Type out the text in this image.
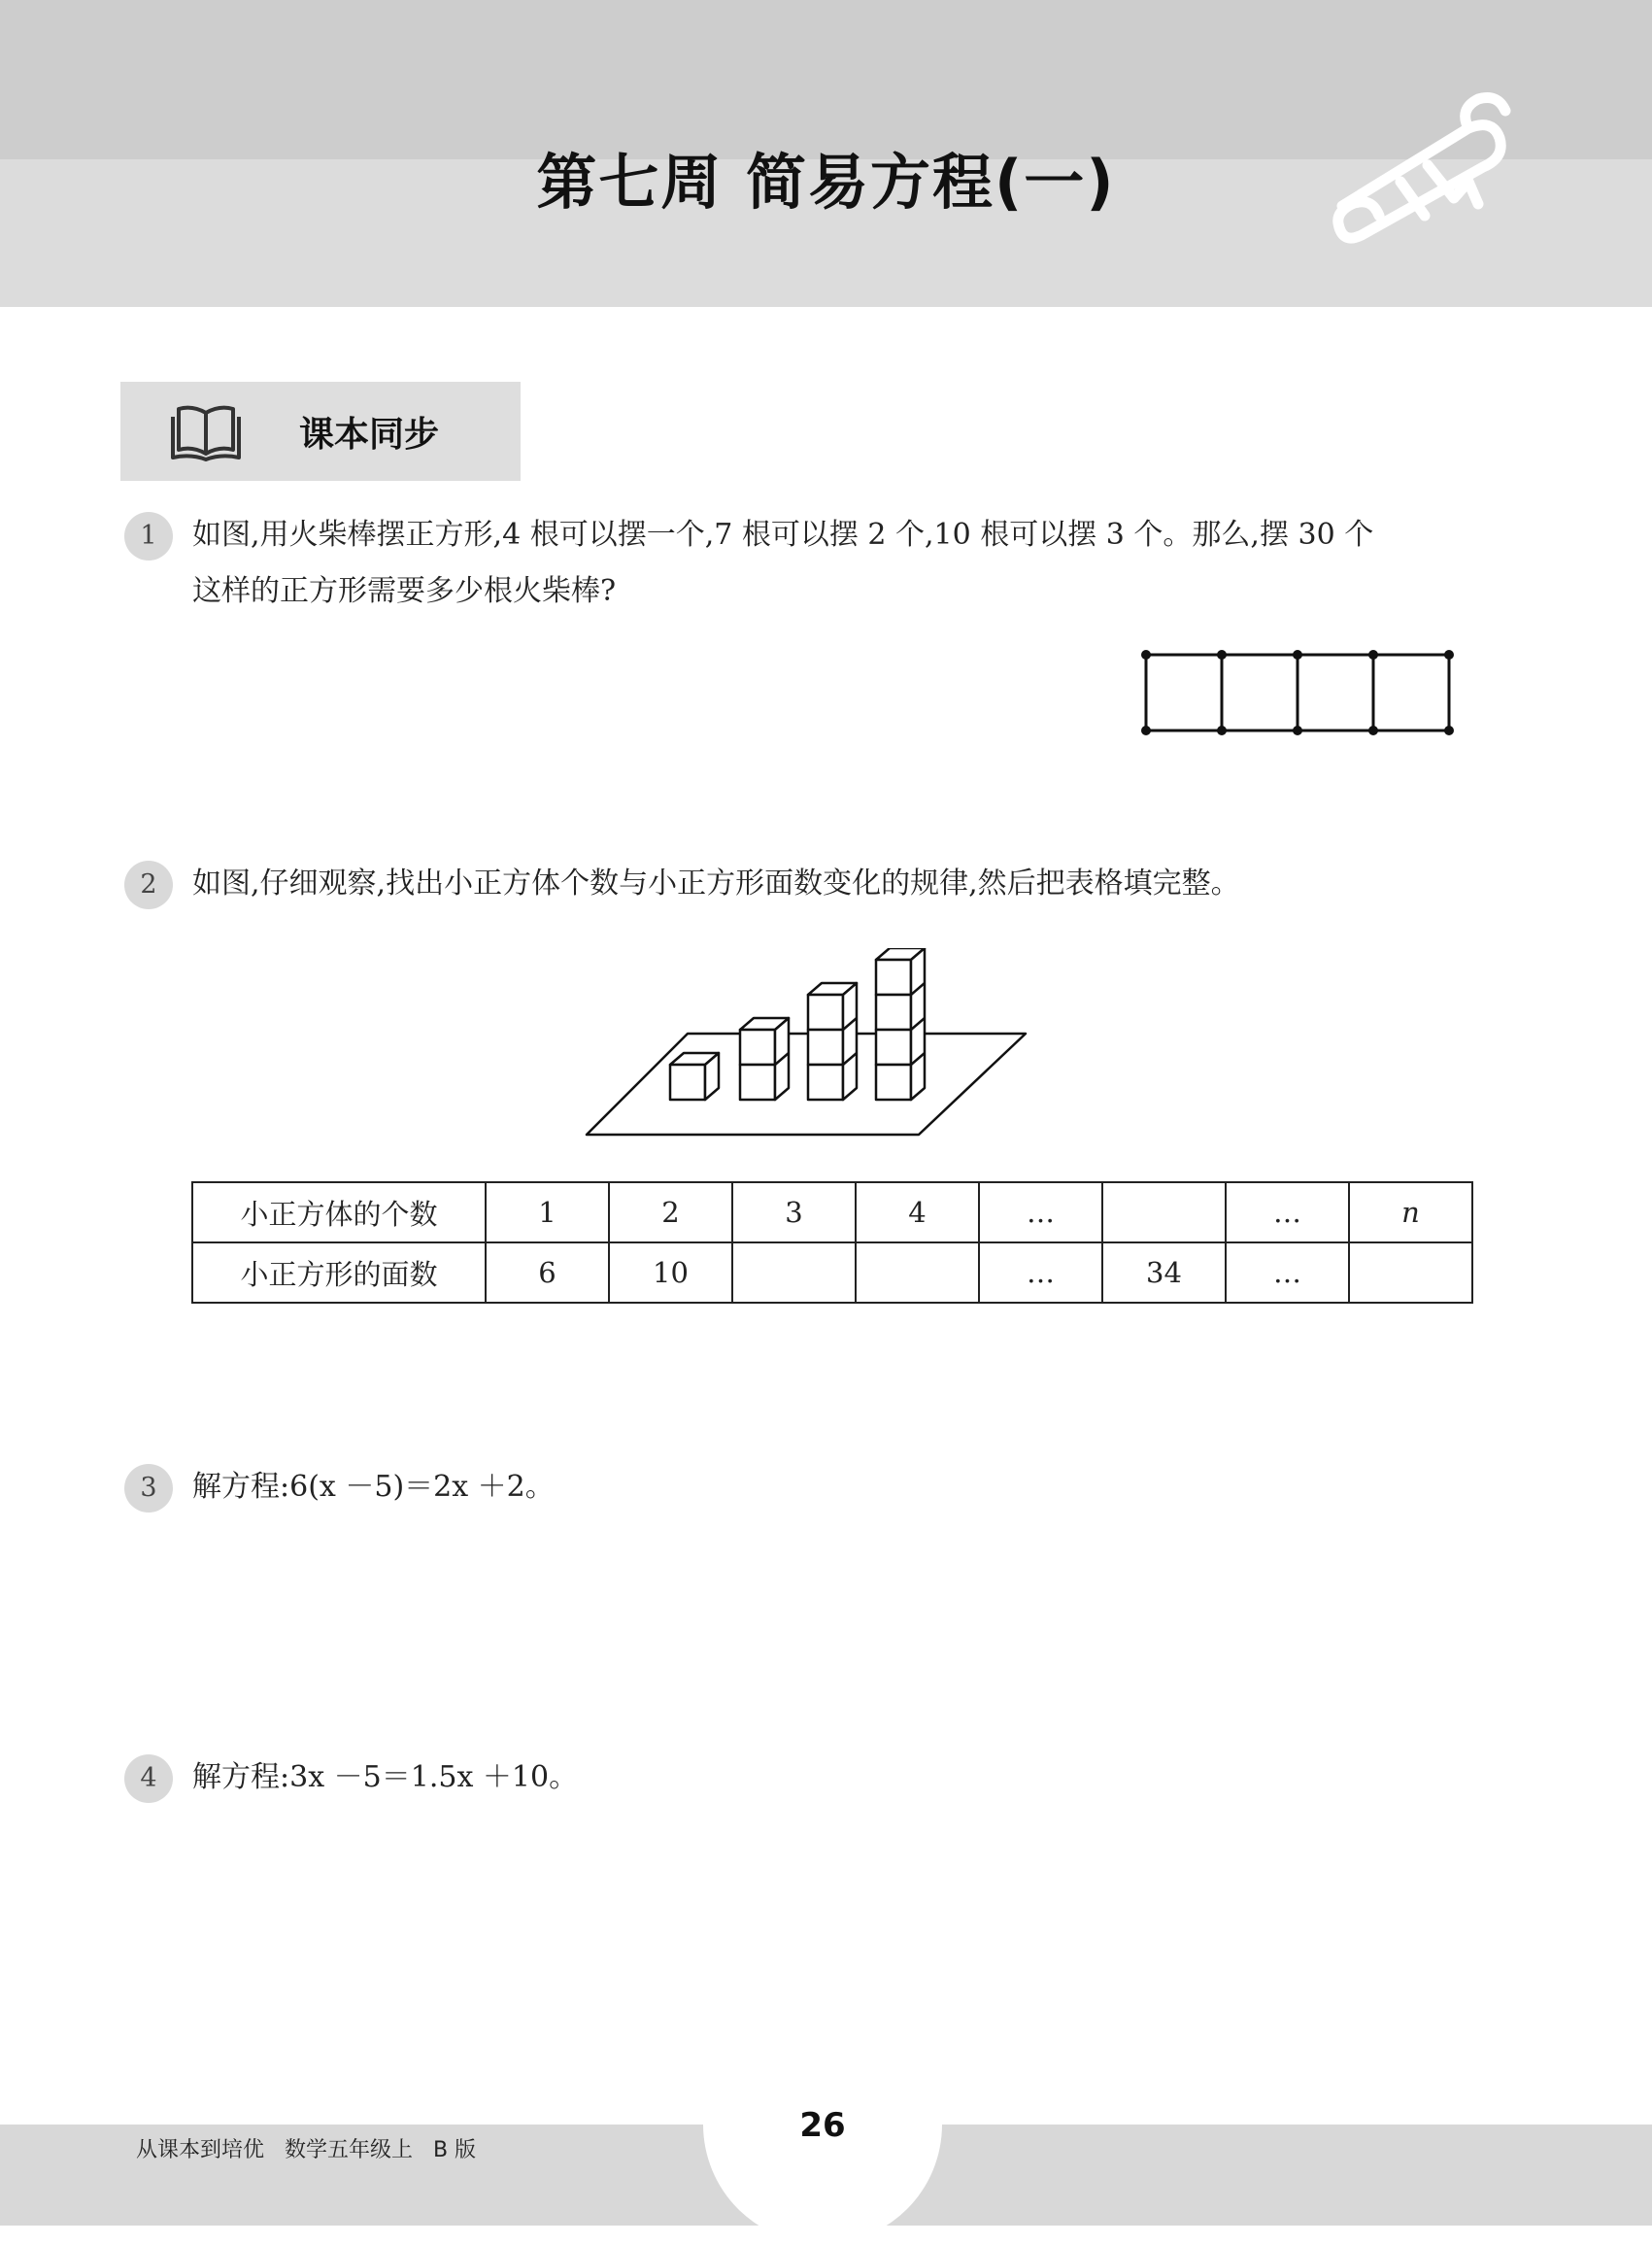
第七周 简易方程(一)
课本同步
1	如图,用火柴棒摆正方形,4 根可以摆一个,7 根可以摆 2 个,10 根可以摆 3 个。那么,摆 30 个
这样的正方形需要多少根火柴棒?
2	如图,仔细观察,找出小正方体个数与小正方形面数变化的规律,然后把表格填完整。
小正方体的个数	1	2	3	4	…		…	n
小正方形的面数	6	10			…	34	…	
3	解方程:6(x －5)＝2x ＋2。
4	解方程:3x －5＝1.5x ＋10。
从课本到培优   数学五年级上   B 版
26
